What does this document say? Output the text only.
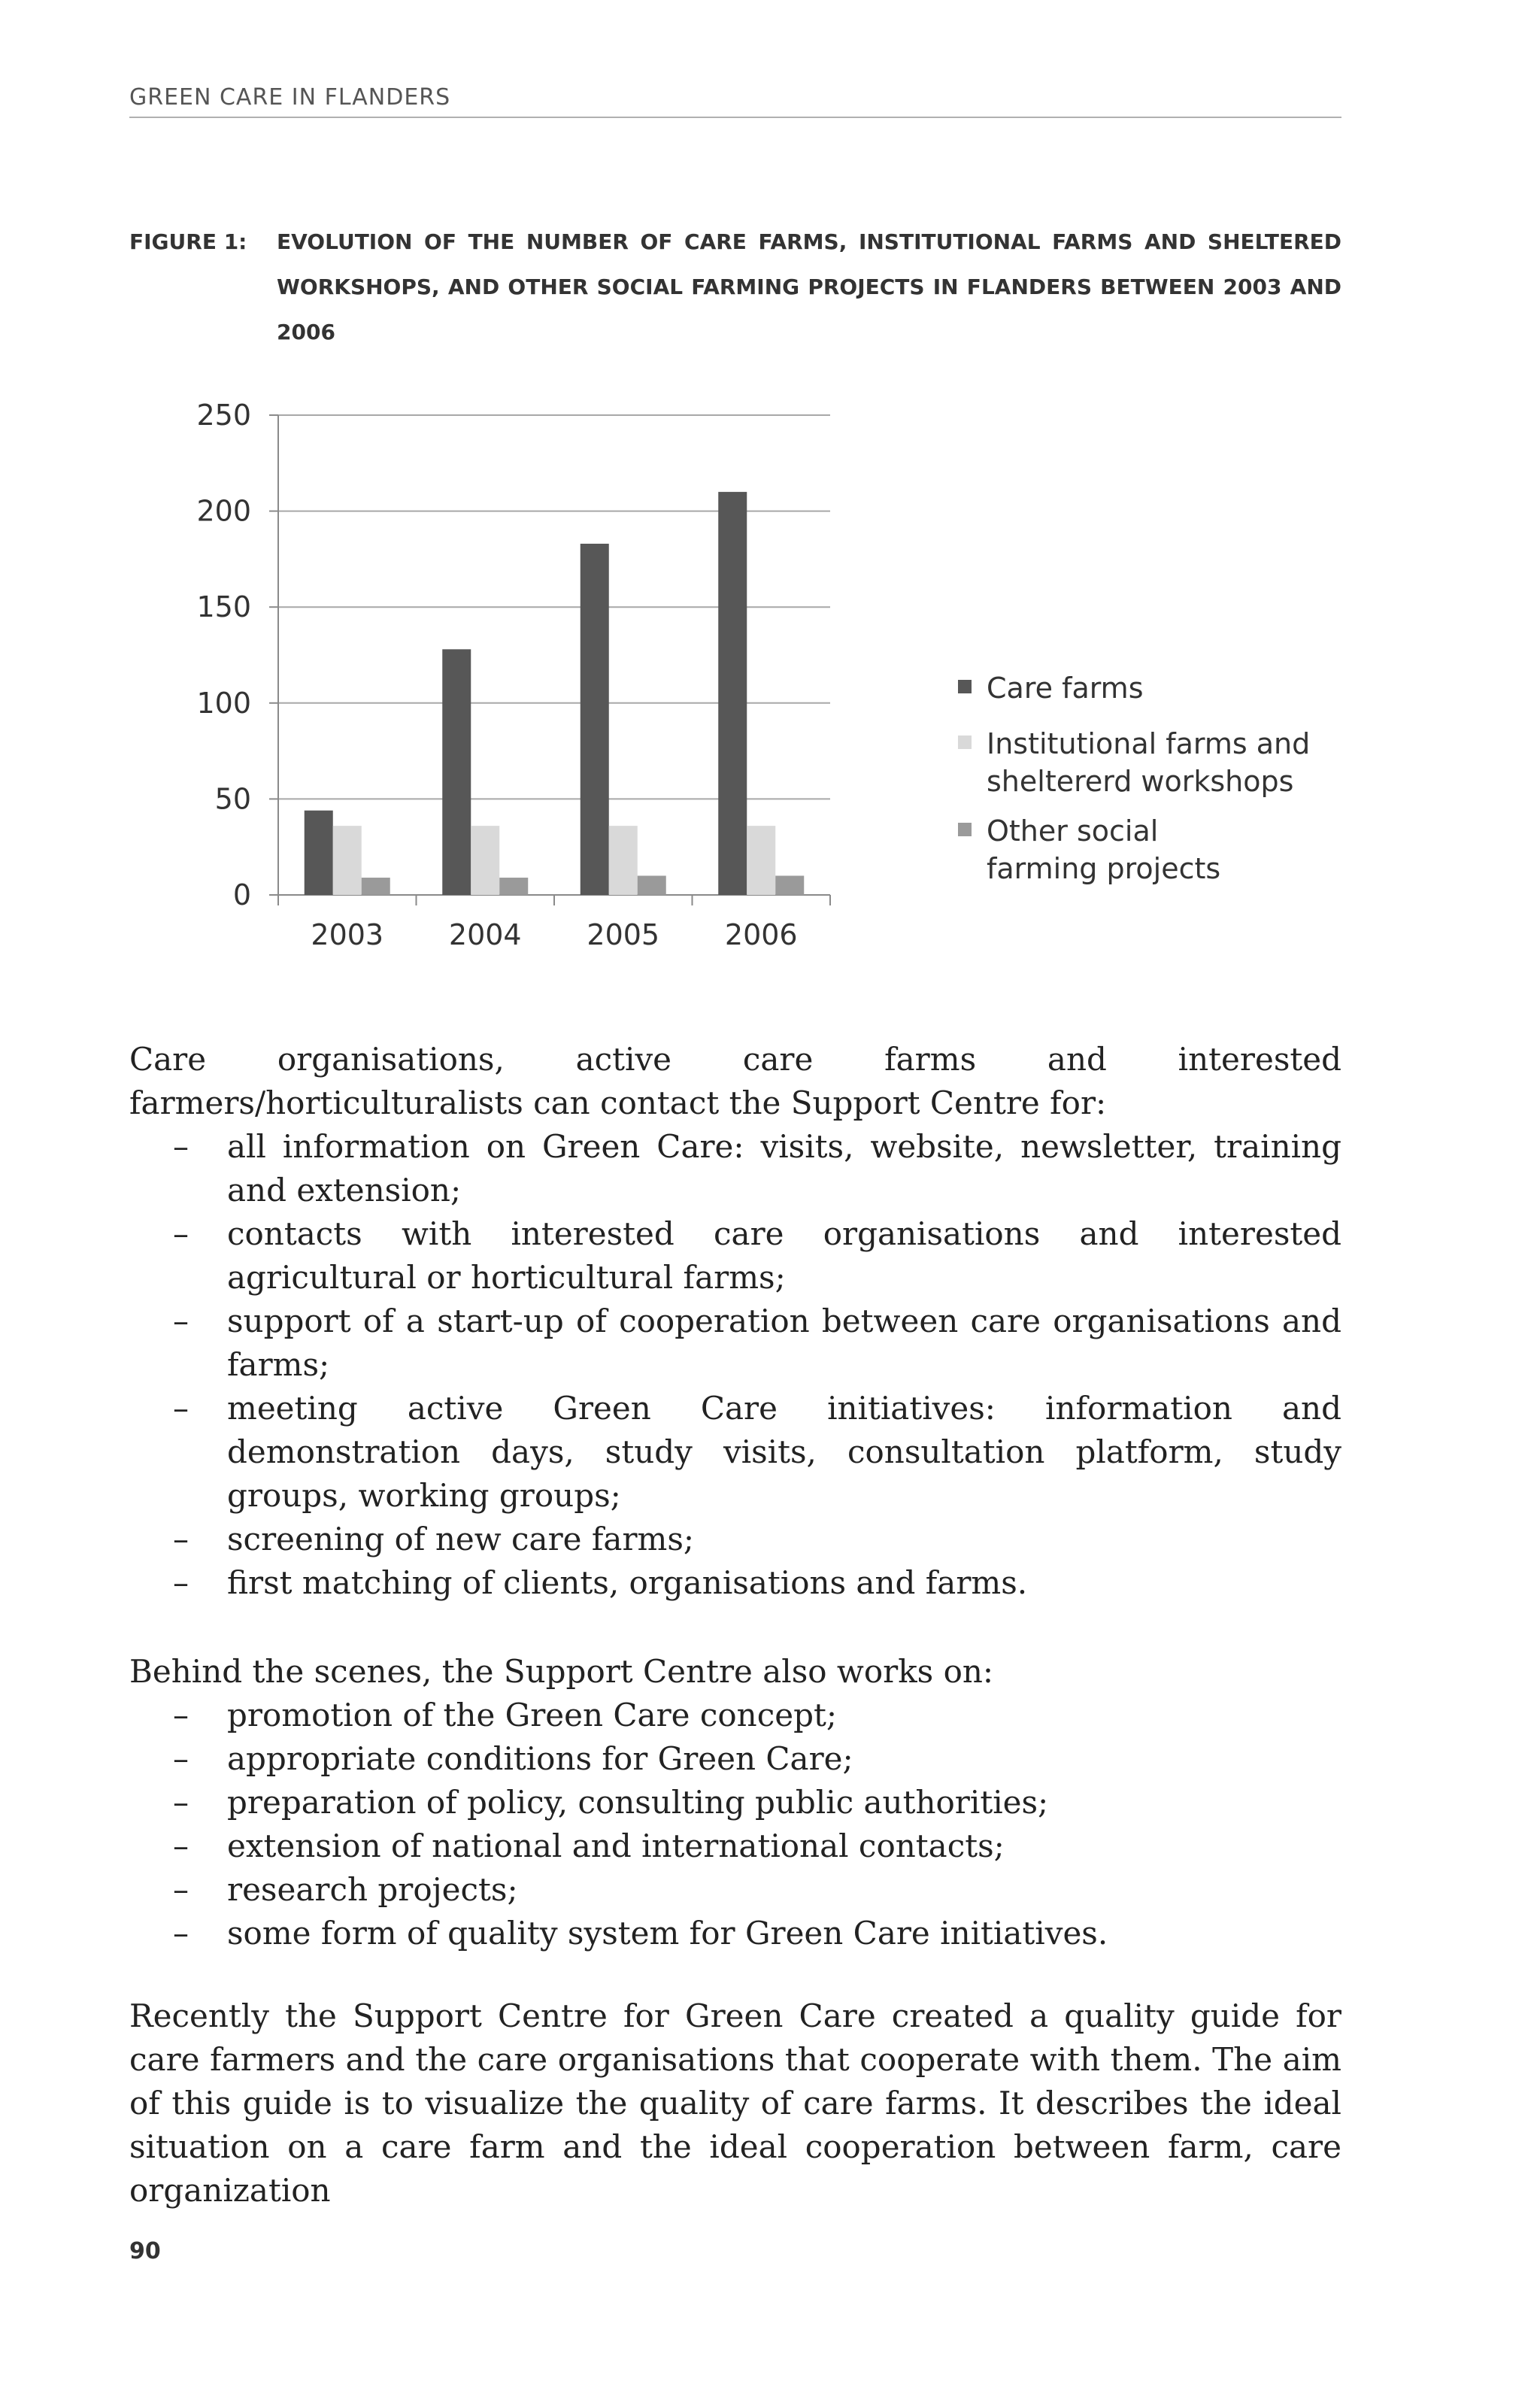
GREEN CARE IN FLANDERS
FIGURE 1: EVOLUTION OF THE NUMBER OF CARE FARMS, INSTITUTIONAL FARMS AND SHELTERED WORKSHOPS, AND OTHER SOCIAL FARMING PROJECTS IN FLANDERS BETWEEN 2003 AND 2006
0
50
100
150
200
250
2003 2004 2005 2006
Care farms
Institutional farms and
sheltererd workshops
Other social
farming projects

Care organisations, active care farms and interested farmers/horticulturalists can contact the Support Centre for:

– all information on Green Care: visits, website, newsletter, training and extension;
– contacts with interested care organisations and interested agricultural or horticultural farms;
– support of a start-up of cooperation between care organisations and farms;
– meeting active Green Care initiatives: information and demonstration days, study visits, consultation platform, study groups, working groups;
– screening of new care farms;
– first matching of clients, organisations and farms.

Behind the scenes, the Support Centre also works on:

– promotion of the Green Care concept;
– appropriate conditions for Green Care;
– preparation of policy, consulting public authorities;
– extension of national and international contacts;
– research projects;
– some form of quality system for Green Care initiatives.

Recently the Support Centre for Green Care created a quality guide for care farmers and the care organisations that cooperate with them. The aim of this guide is to visualize the quality of care farms. It describes the ideal situation on a care farm and the ideal cooperation between farm, care organization

90
